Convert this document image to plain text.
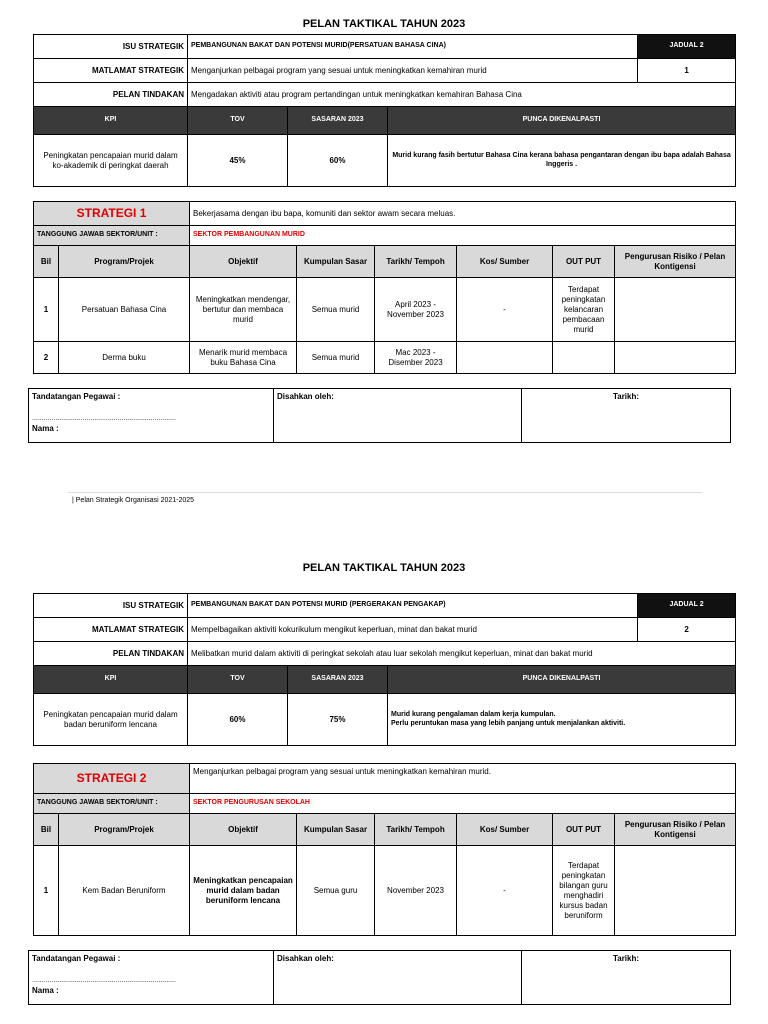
PELAN TAKTIKAL TAHUN 2023
ISU STRATEGIK	PEMBANGUNAN BAKAT DAN POTENSI MURID(PERSATUAN BAHASA CINA)			JADUAL 2
MATLAMAT STRATEGIK	Menganjurkan pelbagai program yang sesuai untuk meningkatkan kemahiran murid			1
PELAN TINDAKAN	Mengadakan aktiviti atau program pertandingan untuk meningkatkan kemahiran Bahasa Cina			
KPI	TOV	SASARAN 2023	PUNCA DIKENALPASTI	
Peningkatan pencapaian murid dalam ko-akademik di peringkat daerah	45%	60%	Murid kurang fasih bertutur Bahasa Cina kerana bahasa pengantaran dengan ibu bapa adalah Bahasa Inggeris .	
STRATEGI 1		Bekerjasama dengan ibu bapa, komuniti dan sektor awam secara meluas.					
TANGGUNG JAWAB SEKTOR/UNIT :		SEKTOR PEMBANGUNAN MURID					
Bil	Program/Projek	Objektif	Kumpulan Sasar	Tarikh/ Tempoh	Kos/ Sumber	OUT PUT	Pengurusan Risiko / Pelan Kontigensi
1	Persatuan Bahasa Cina	Meningkatkan mendengar, bertutur dan membaca murid	Semua murid	April 2023 - November 2023	-	Terdapat peningkatan kelancaran pembacaan murid	
2	Derma buku	Menarik murid membaca buku Bahasa Cina	Semua murid	Mac 2023 - Disember 2023			
Tandatangan Pegawai :
..........................................................................
Nama :
	Disahkan oleh:	Tarikh:
| Pelan Strategik Organisasi 2021-2025
PELAN TAKTIKAL TAHUN 2023
ISU STRATEGIK	PEMBANGUNAN BAKAT DAN POTENSI MURID (PERGERAKAN PENGAKAP)			JADUAL 2
MATLAMAT STRATEGIK	Mempelbagaikan aktiviti kokurikulum mengikut keperluan, minat dan bakat murid			2
PELAN TINDAKAN	Melibatkan murid dalam aktiviti di peringkat sekolah atau luar sekolah mengikut keperluan, minat dan bakat murid			
KPI	TOV	SASARAN 2023	PUNCA DIKENALPASTI	
Peningkatan pencapaian murid dalam badan beruniform lencana	60%	75%	Murid kurang pengalaman dalam kerja kumpulan.
Perlu peruntukan masa yang lebih panjang untuk menjalankan aktiviti.	
STRATEGI 2		Menganjurkan pelbagai program yang sesuai untuk meningkatkan kemahiran murid.					
TANGGUNG JAWAB SEKTOR/UNIT :		SEKTOR PENGURUSAN SEKOLAH					
Bil	Program/Projek	Objektif	Kumpulan Sasar	Tarikh/ Tempoh	Kos/ Sumber	OUT PUT	Pengurusan Risiko / Pelan Kontigensi
1	Kem Badan Beruniform	Meningkatkan pencapaian murid dalam badan beruniform lencana	Semua guru	November 2023	-	Terdapat peningkatan bilangan guru menghadiri kursus badan beruniform	
Tandatangan Pegawai :
..........................................................................
Nama :
	Disahkan oleh:	Tarikh:
